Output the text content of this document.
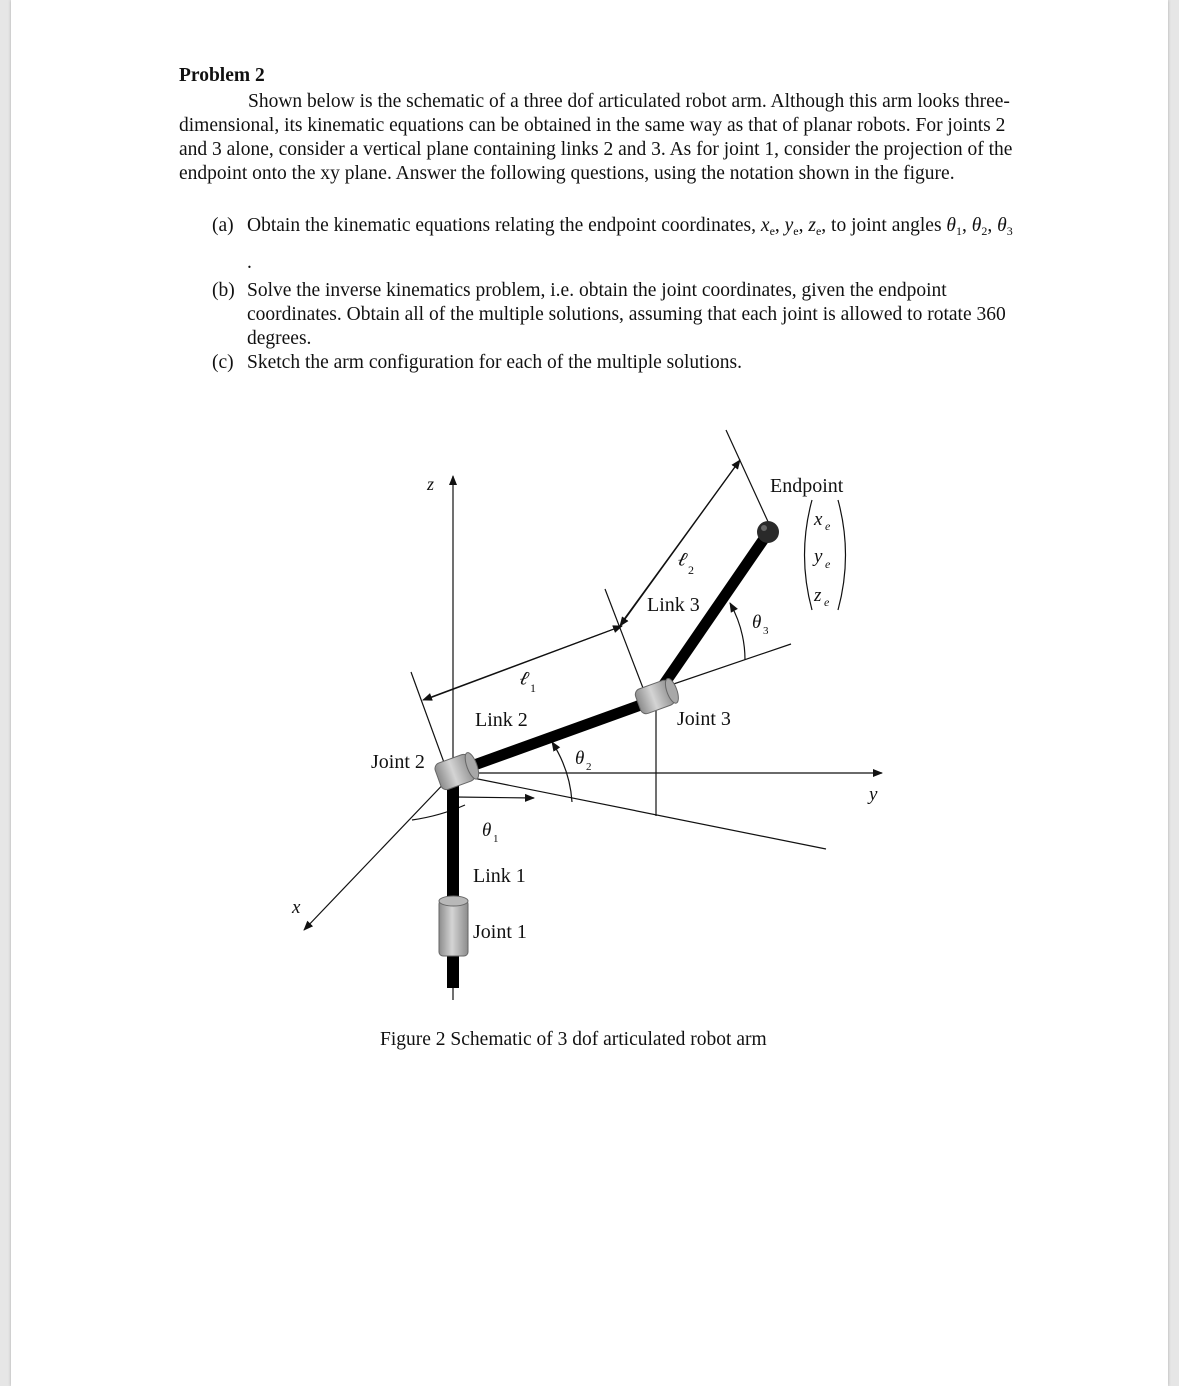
Problem 2

Shown below is the schematic of a three dof articulated robot arm. Although this arm looks three-dimensional, its kinematic equations can be obtained in the same way as that of planar robots. For joints 2 and 3 alone, consider a vertical plane containing links 2 and 3. As for joint 1, consider the projection of the endpoint onto the xy plane. Answer the following questions, using the notation shown in the figure.

(a) Obtain the kinematic equations relating the endpoint coordinates, $x_e$, $y_e$, $z_e$, to joint angles $\theta_1$, $\theta_2$, $\theta_3$ .
(b) Solve the inverse kinematics problem, i.e. obtain the joint coordinates, given the endpoint coordinates. Obtain all of the multiple solutions, assuming that each joint is allowed to rotate 360 degrees.
(c) Sketch the arm configuration for each of the multiple solutions.
z
y
x
Endpoint
x e
y e
z e
ℓ
2
Link 3
θ 3
ℓ 1
Link 2	Joint 3
Joint 2	θ 2
θ 1
Link 1
Joint 1
Figure 2 Schematic of 3 dof articulated robot arm
